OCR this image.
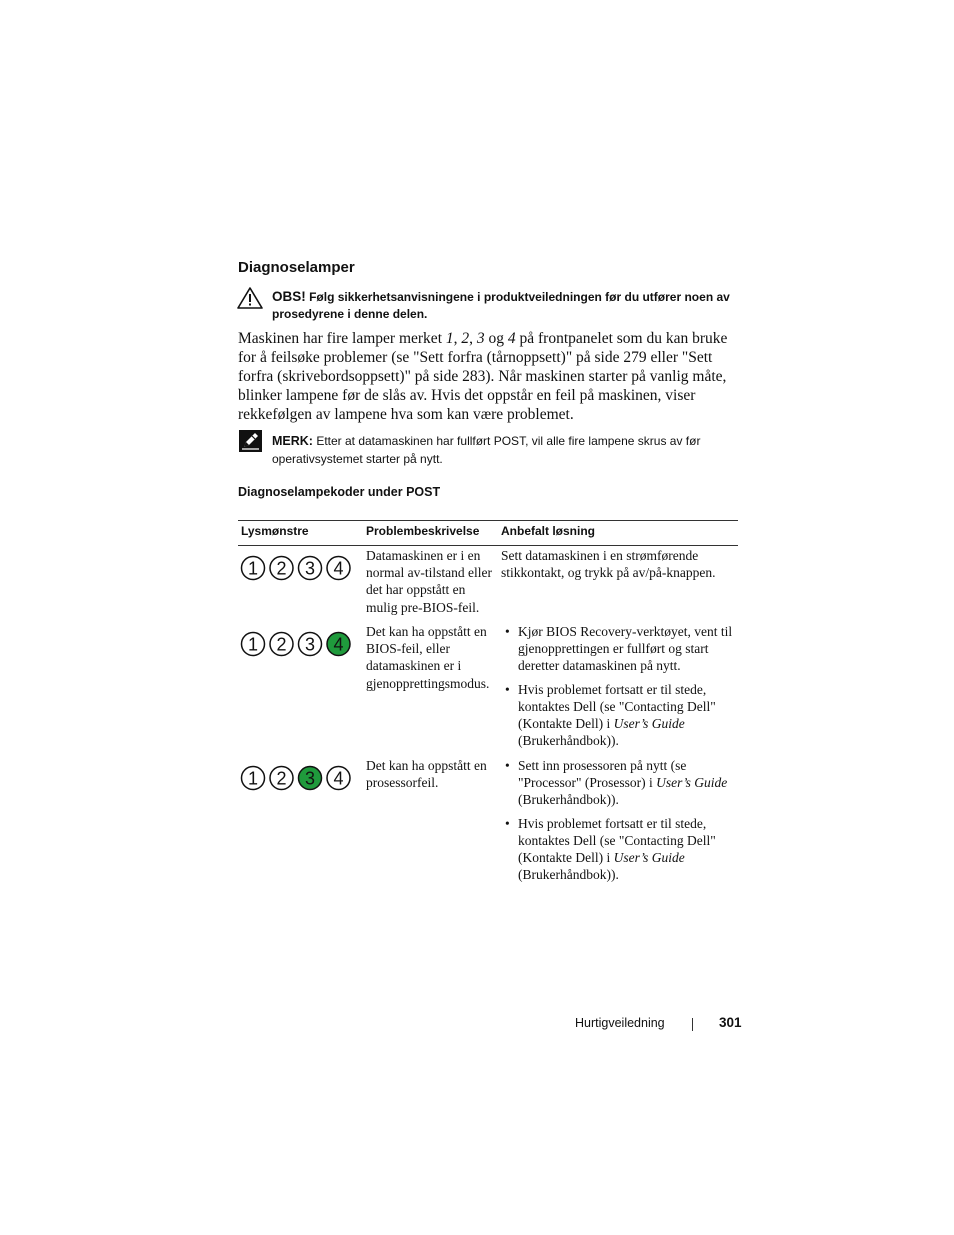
Diagnoselamper
OBS! Følg sikkerhetsanvisningene i produktveiledningen før du utfører noen av prosedyrene i denne delen.

Maskinen har fire lamper merket 1, 2, 3 og 4 på frontpanelet som du kan bruke for å feilsøke problemer (se "Sett forfra (tårnoppsett)" på side 279 eller "Sett forfra (skrivebordsoppsett)" på side 283). Når maskinen starter på vanlig måte, blinker lampene før de slås av. Hvis det oppstår en feil på maskinen, viser rekkefølgen av lampene hva som kan være problemet.

MERK: Etter at datamaskinen har fullført POST, vil alle fire lampene skrus av før operativsystemet starter på nytt.
Diagnoselampekoder under POST
Lysmønstre	Problembeskrivelse Anbefalt løsning
1 2 3 4
Datamaskinen er i en normal av-tilstand eller det har oppstått en mulig pre-BIOS-feil.
Sett datamaskinen i en strømførende stikkontakt, og trykk på av/på-knappen.
1 2 3 4
Det kan ha oppstått en BIOS-feil, eller datamaskinen er i gjenopprettingsmodus.
• Kjør BIOS Recovery-verktøyet, vent til gjenopprettingen er fullført og start deretter datamaskinen på nytt.
• Hvis problemet fortsatt er til stede, kontaktes Dell (se "Contacting Dell" (Kontakte Dell) i User’s Guide (Brukerhåndbok)).
1 2 3 4
Det kan ha oppstått en prosessorfeil.
• Sett inn prosessoren på nytt (se "Processor" (Prosessor) i User’s Guide (Brukerhåndbok)).
• Hvis problemet fortsatt er til stede, kontaktes Dell (se "Contacting Dell" (Kontakte Dell) i User’s Guide (Brukerhåndbok)).
Hurtigveiledning	301
